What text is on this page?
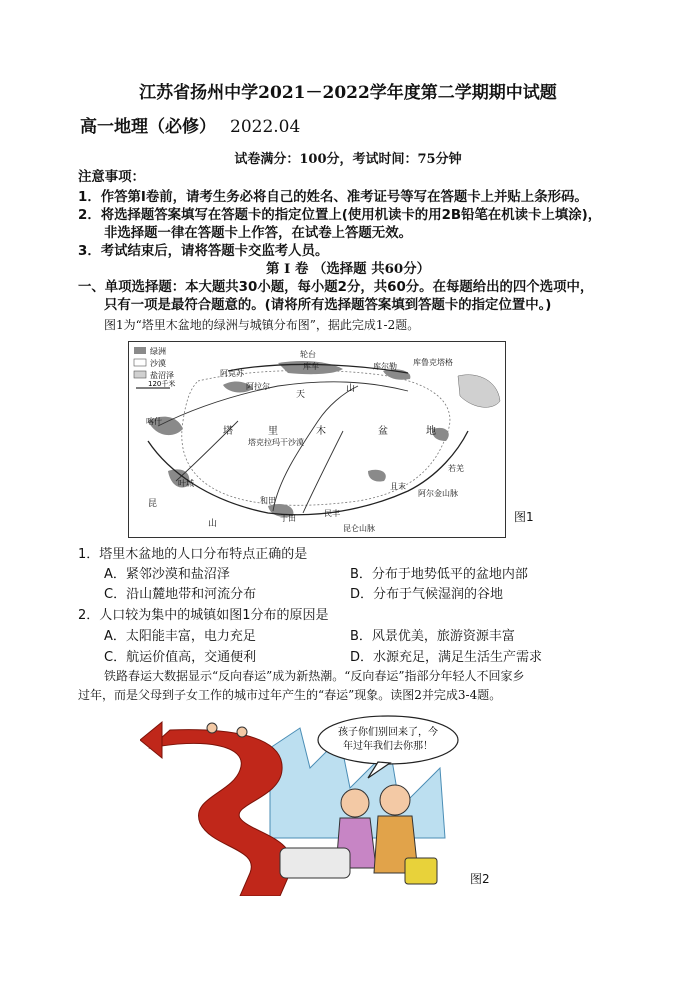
江苏省扬州中学2021－2022学年度第二学期期中试题
高一地理（必修） 2022.04
试卷满分：100分，考试时间：75分钟
注意事项：
1．作答第Ⅰ卷前，请考生务必将自己的姓名、准考证号等写在答题卡上并贴上条形码。
2．将选择题答案填写在答题卡的指定位置上(使用机读卡的用2B铅笔在机读卡上填涂)，
非选择题一律在答题卡上作答，在试卷上答题无效。
3．考试结束后，请将答题卡交监考人员。
第 Ⅰ 卷 （选择题 共60分）
一、单项选择题：本大题共30小题，每小题2分，共60分。在每题给出的四个选项中，
只有一项是最符合题意的。(请将所有选择题答案填到答题卡的指定位置中。)
图1为“塔里木盆地的绿洲与城镇分布图”，据此完成1-2题。
绿洲
沙漠
盐沼泽
120千米
轮台
库车	库尔勒 库鲁克塔格
阿克苏
阿拉尔
天
山
喀什
塔	里	木	盆	地
塔克拉玛干沙漠
叶城
和田
于田
民丰
且末
若羌
阿尔金山脉
昆仑山脉
昆
山	图1
1．塔里木盆地的人口分布特点正确的是
A．紧邻沙漠和盐沼泽	B．分布于地势低平的盆地内部
C．沿山麓地带和河流分布	D．分布于气候湿润的谷地
2．人口较为集中的城镇如图1分布的原因是
A．太阳能丰富，电力充足	B．风景优美，旅游资源丰富
C．航运价值高，交通便利	D．水源充足，满足生活生产需求
铁路春运大数据显示“反向春运”成为新热潮。“反向春运”指部分年轻人不回家乡
过年，而是父母到子女工作的城市过年产生的“春运”现象。读图2并完成3-4题。
孩子你们别回来了，今
年过年我们去你那！
图2
